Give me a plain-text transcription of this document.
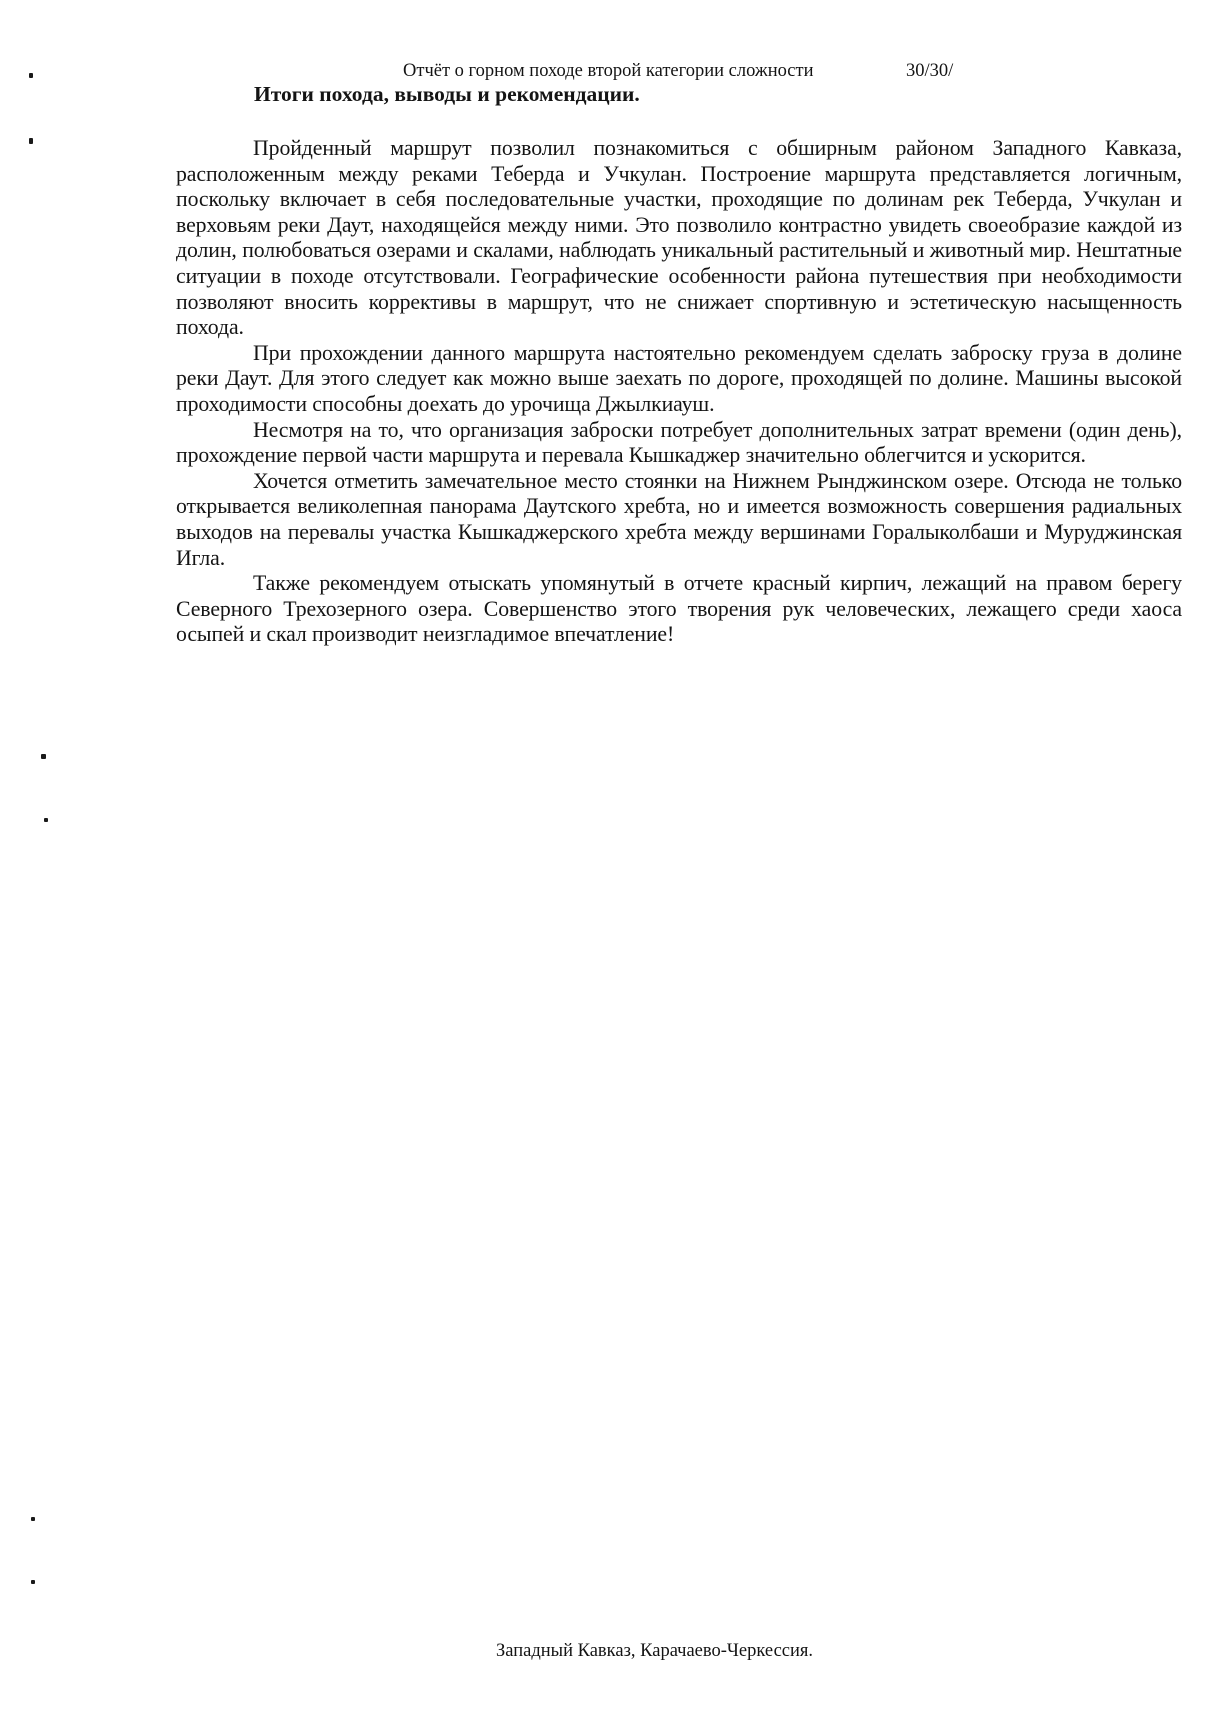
Отчёт о горном походе второй категории сложности	30/30/
Итоги похода, выводы и рекомендации.

Пройденный маршрут позволил познакомиться с обширным районом Западного Кавказа, расположенным между реками Теберда и Учкулан. Построение маршрута представляется логичным, поскольку включает в себя последовательные участки, проходящие по долинам рек Теберда, Учкулан и верховьям реки Даут, находящейся между ними. Это позволило контрастно увидеть своеобразие каждой из долин, полюбоваться озерами и скалами, наблюдать уникальный растительный и животный мир. Нештатные ситуации в походе отсутствовали. Географические особенности района путешествия при необходимости позволяют вносить коррективы в маршрут, что не снижает спортивную и эстетическую насыщенность похода.

При прохождении данного маршрута настоятельно рекомендуем сделать заброску груза в долине реки Даут. Для этого следует как можно выше заехать по дороге, проходящей по долине. Машины высокой проходимости способны доехать до урочища Джылкиауш.

Несмотря на то, что организация заброски потребует дополнительных затрат времени (один день), прохождение первой части маршрута и перевала Кышкаджер значительно облегчится и ускорится.

Хочется отметить замечательное место стоянки на Нижнем Рынджинском озере. Отсюда не только открывается великолепная панорама Даутского хребта, но и имеется возможность совершения радиальных выходов на перевалы участка Кышкаджерского хребта между вершинами Горалыколбаши и Муруджинская Игла.

Также рекомендуем отыскать упомянутый в отчете красный кирпич, лежащий на правом берегу Северного Трехозерного озера. Совершенство этого творения рук человеческих, лежащего среди хаоса осыпей и скал производит неизгладимое впечатление!

Западный Кавказ, Карачаево-Черкессия.
